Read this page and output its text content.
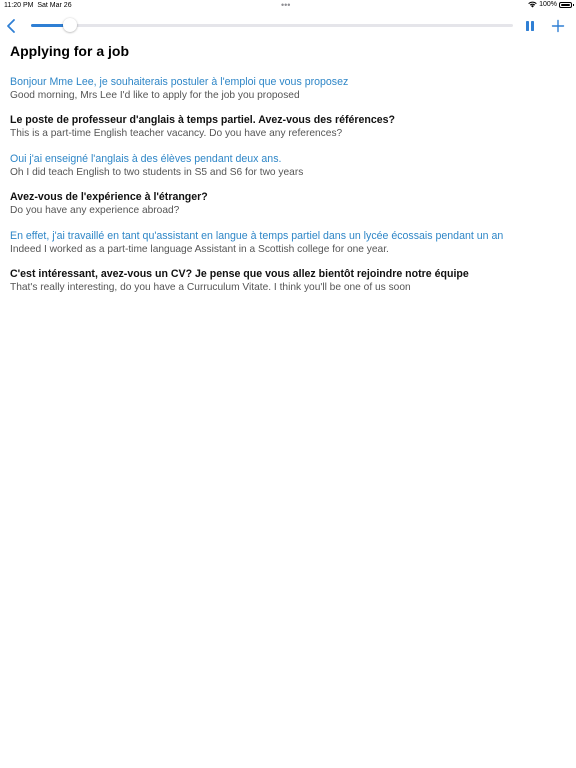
11:20 PM Sat Mar 26	•••	100%
Applying for a job
Bonjour Mme Lee, je souhaiterais postuler à l'emploi que vous proposez
Good morning, Mrs Lee I'd like to apply for the job you proposed
Le poste de professeur d'anglais à temps partiel. Avez-vous des références?
This is a part-time English teacher vacancy. Do you have any references?
Oui j'ai enseigné l'anglais à des élèves pendant deux ans.
Oh I did teach English to two students in S5 and S6 for two years
Avez-vous de l'expérience à l'étranger?
Do you have any experience abroad?
En effet, j'ai travaillé en tant qu'assistant en langue à temps partiel dans un lycée écossais pendant un an
Indeed I worked as a part-time language Assistant in a Scottish college for one year.
C'est intéressant, avez-vous un CV? Je pense que vous allez bientôt rejoindre notre équipe
That's really interesting, do you have a Curruculum Vitate. I think you'll be one of us soon
